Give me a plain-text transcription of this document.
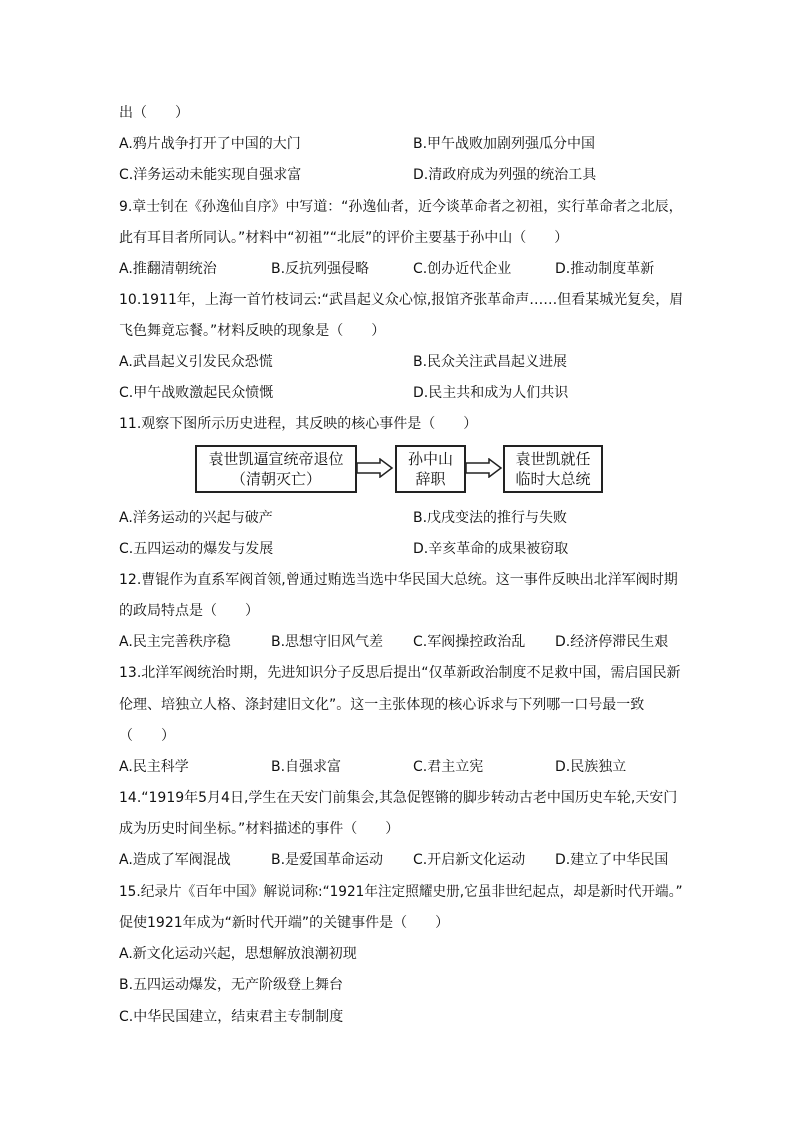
出（　　）
A.鸦片战争打开了中国的大门	B.甲午战败加剧列强瓜分中国
C.洋务运动未能实现自强求富	D.清政府成为列强的统治工具
9.章士钊在《孙逸仙自序》中写道：“孙逸仙者，近今谈革命者之初祖，实行革命者之北辰，
此有耳目者所同认。”材料中“初祖”“北辰”的评价主要基于孙中山（　　）
A.推翻清朝统治	B.反抗列强侵略	C.创办近代企业	D.推动制度革新
10.1911年，上海一首竹枝词云:“武昌起义众心惊,报馆齐张革命声……但看某城光复矣，眉
飞色舞竟忘餐。”材料反映的现象是（　　）
A.武昌起义引发民众恐慌	B.民众关注武昌起义进展
C.甲午战败激起民众愤慨	D.民主共和成为人们共识
11.观察下图所示历史进程，其反映的核心事件是（　　）
袁世凯逼宣统帝退位
（清朝灭亡）
孙中山
辞职
袁世凯就任
临时大总统
A.洋务运动的兴起与破产	B.戊戌变法的推行与失败
C.五四运动的爆发与发展	D.辛亥革命的成果被窃取
12.曹锟作为直系军阀首领,曾通过贿选当选中华民国大总统。这一事件反映出北洋军阀时期
的政局特点是（　　）
A.民主完善秩序稳	B.思想守旧风气差 C.军阀操控政治乱 D.经济停滞民生艰
13.北洋军阀统治时期，先进知识分子反思后提出“仅革新政治制度不足救中国，需启国民新
伦理、培独立人格、涤封建旧文化”。这一主张体现的核心诉求与下列哪一口号最一致
（　　）
A.民主科学	B.自强求富	C.君主立宪	D.民族独立
14.“1919年5月4日,学生在天安门前集会,其急促铿锵的脚步转动古老中国历史车轮,天安门
成为历史时间坐标。”材料描述的事件（　　）
A.造成了军阀混战	B.是爱国革命运动 C.开启新文化运动 D.建立了中华民国
15.纪录片《百年中国》解说词称:“1921年注定照耀史册,它虽非世纪起点，却是新时代开端。”
促使1921年成为“新时代开端”的关键事件是（　　）
A.新文化运动兴起，思想解放浪潮初现
B.五四运动爆发，无产阶级登上舞台
C.中华民国建立，结束君主专制制度
